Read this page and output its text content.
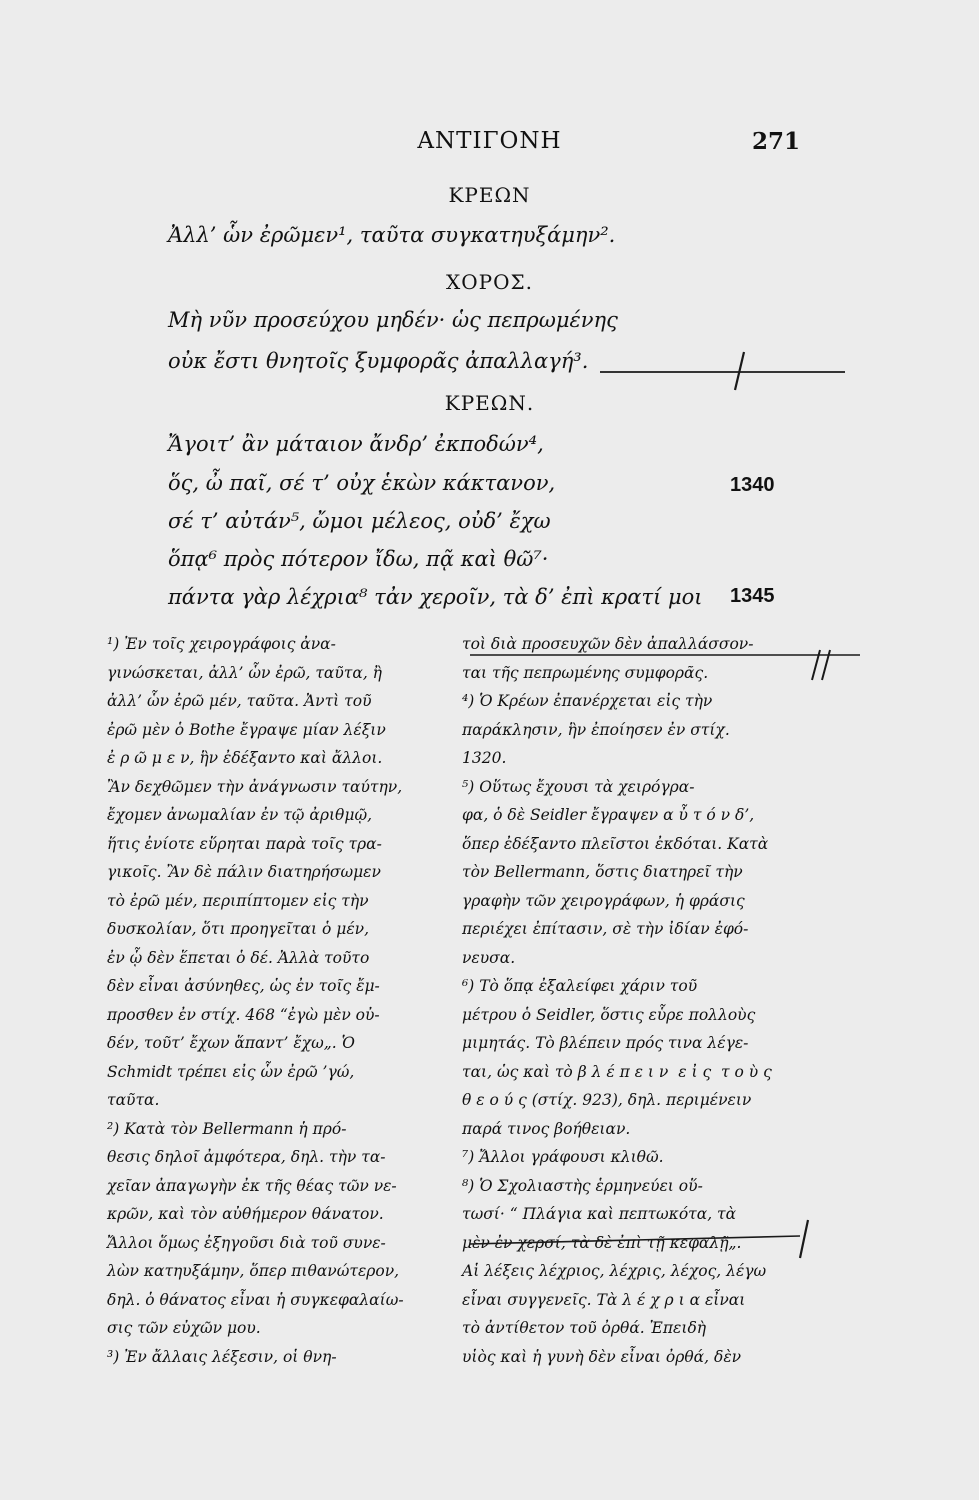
ΑΝΤΙΓΟΝΗ	271
ΚΡΕΩΝ
Ἀλλ’ ὧν ἐρῶμεν¹, ταῦτα συγκατηυξάμην².
ΧΟΡΟΣ.
Μὴ νῦν προσεύχου μηδέν· ὡς πεπρωμένης
οὐκ ἔστι θνητοῖς ξυμφορᾶς ἀπαλλαγή³.
ΚΡΕΩΝ.
Ἄγοιτ’ ἂν μάταιον ἄνδρ’ ἐκποδών⁴,
ὅς, ὦ παῖ, σέ τ’ οὐχ ἑκὼν κάκτανον,	1340
σέ τ’ αὐτάν⁵, ὤμοι μέλεος, οὐδ’ ἔχω
ὅπᾳ⁶ πρὸς πότερον ἴδω, πᾷ καὶ θῶ⁷·
πάντα γὰρ λέχρια⁸ τἀν χεροῖν, τὰ δ’ ἐπὶ κρατί μοι 1345
¹) Ἐν τοῖς χειρογράφοις ἀνα-
γινώσκεται, ἀλλ’ ὧν ἐρῶ, ταῦτα, ἢ
ἀλλ’ ὧν ἐρῶ μέν, ταῦτα. Ἀντὶ τοῦ
ἐρῶ μὲν ὁ Bothe ἔγραψε μίαν λέξιν
ἐ ρ ῶ μ ε ν, ἣν ἐδέξαντο καὶ ἄλλοι.
Ἂν δεχθῶμεν τὴν ἀνάγνωσιν ταύτην,
ἔχομεν ἀνωμαλίαν ἐν τῷ ἀριθμῷ,
ἥτις ἐνίοτε εὕρηται παρὰ τοῖς τρα-
γικοῖς. Ἂν δὲ πάλιν διατηρήσωμεν
τὸ ἐρῶ μέν, περιπίπτομεν εἰς τὴν
δυσκολίαν, ὅτι προηγεῖται ὁ μέν,
ἐν ᾧ δὲν ἕπεται ὁ δέ. Ἀλλὰ τοῦτο
δὲν εἶναι ἀσύνηθες, ὡς ἐν τοῖς ἔμ-
προσθεν ἐν στίχ. 468 “ἐγὼ μὲν οὐ-
δέν, τοῦτ’ ἔχων ἅπαντ’ ἔχω„. Ὁ
Schmidt τρέπει εἰς ὧν ἐρῶ ’γώ,
ταῦτα.
²) Κατὰ τὸν Bellermann ἡ πρό-
θεσις δηλοῖ ἀμφότερα, δηλ. τὴν τα-
χεῖαν ἀπαγωγὴν ἐκ τῆς θέας τῶν νε-
κρῶν, καὶ τὸν αὐθήμερον θάνατον.
Ἄλλοι ὅμως ἐξηγοῦσι διὰ τοῦ συνε-
λὼν κατηυξάμην, ὅπερ πιθανώτερον,
δηλ. ὁ θάνατος εἶναι ἡ συγκεφαλαίω-
σις τῶν εὐχῶν μου.
³) Ἐν ἄλλαις λέξεσιν, οἱ θνη-
τοὶ διὰ προσευχῶν δὲν ἀπαλλάσσον-
ται τῆς πεπρωμένης συμφορᾶς.
⁴) Ὁ Κρέων ἐπανέρχεται εἰς τὴν
παράκλησιν, ἣν ἐποίησεν ἐν στίχ.
1320.
⁵) Οὕτως ἔχουσι τὰ χειρόγρα-
φα, ὁ δὲ Seidler ἔγραψεν α ὖ τ ό ν δ’,
ὅπερ ἐδέξαντο πλεῖστοι ἐκδόται. Κατὰ
τὸν Bellermann, ὅστις διατηρεῖ τὴν
γραφὴν τῶν χειρογράφων, ἡ φράσις
περιέχει ἐπίτασιν, σὲ τὴν ἰδίαν ἐφό-
νευσα.
⁶) Τὸ ὅπᾳ ἐξαλείφει χάριν τοῦ
μέτρου ὁ Seidler, ὅστις εὗρε πολλοὺς
μιμητάς. Τὸ βλέπειν πρός τινα λέγε-
ται, ὡς καὶ τὸ β λ έ π ε ι ν  ε ἰ ς  τ ο ὺ ς
θ ε ο ύ ς (στίχ. 923), δηλ. περιμένειν
παρά τινος βοήθειαν.
⁷) Ἄλλοι γράφουσι κλιθῶ.
⁸) Ὁ Σχολιαστὴς ἑρμηνεύει οὕ-
τωσί· “ Πλάγια καὶ πεπτωκότα, τὰ
μὲν ἐν χερσί, τὰ δὲ ἐπὶ τῇ κεφαλῇ„.
Αἱ λέξεις λέχριος, λέχρις, λέχος, λέγω
εἶναι συγγενεῖς. Τὰ λ έ χ ρ ι α εἶναι
τὸ ἀντίθετον τοῦ ὀρθά. Ἐπειδὴ
υἱὸς καὶ ἡ γυνὴ δὲν εἶναι ὀρθά, δὲν
